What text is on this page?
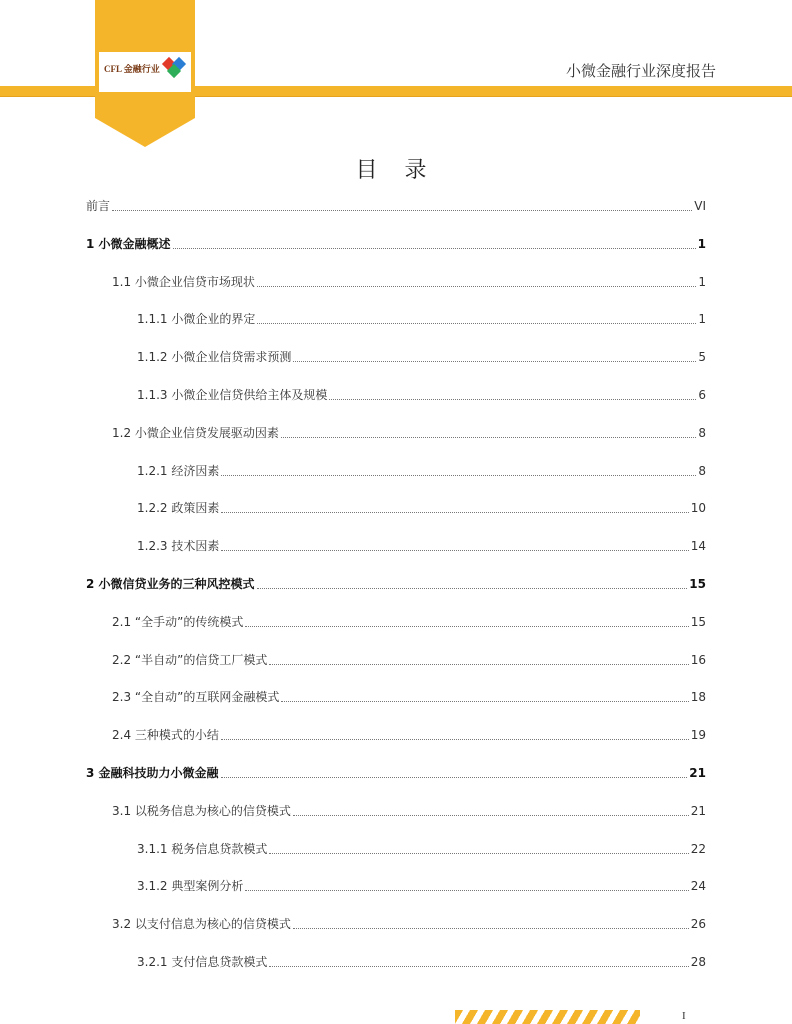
CFL 金融行业	小微金融行业深度报告
目 录
前言	VI
1 小微金融概述	1
1.1 小微企业信贷市场现状	1
1.1.1 小微企业的界定	1
1.1.2 小微企业信贷需求预测	5
1.1.3 小微企业信贷供给主体及规模	6
1.2 小微企业信贷发展驱动因素	8
1.2.1 经济因素	8
1.2.2 政策因素	10
1.2.3 技术因素	14
2 小微信贷业务的三种风控模式	15
2.1 “全手动”的传统模式	15
2.2 “半自动”的信贷工厂模式	16
2.3 “全自动”的互联网金融模式	18
2.4 三种模式的小结	19
3 金融科技助力小微金融	21
3.1 以税务信息为核心的信贷模式	21
3.1.1 税务信息贷款模式	22
3.1.2 典型案例分析	24
3.2 以支付信息为核心的信贷模式	26
3.2.1 支付信息贷款模式	28
I
